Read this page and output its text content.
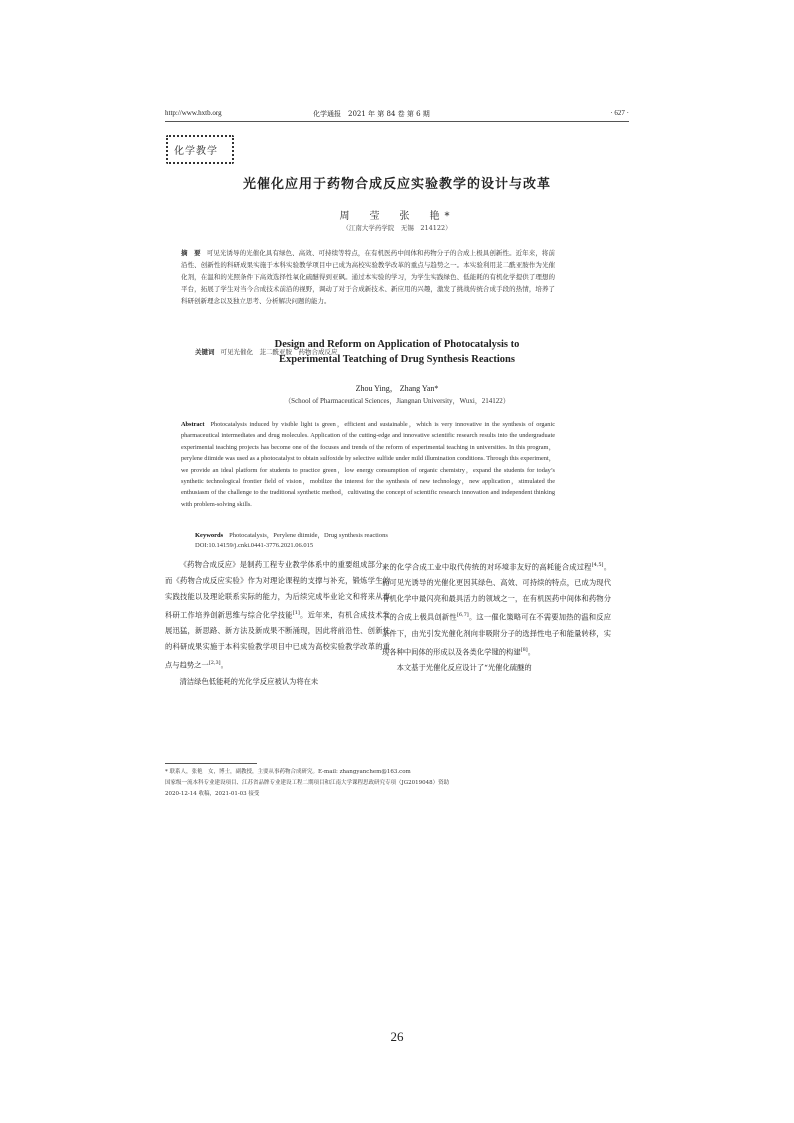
http://www.hxtb.org	化学通报　2021 年 第 84 卷 第 6 期	· 627 ·
化学教学
光催化应用于药物合成反应实验教学的设计与改革
周　莹　张　艳*
（江南大学药学院　无锡　214122）
摘　要 可见光诱导的光催化具有绿色、高效、可持续等特点，在有机医药中间体和药物分子的合成上极具创新性。近年来，将前沿性、创新性的科研成果实施于本科实验教学项目中已成为高校实验教学改革的重点与趋势之一。本实验利用苝二酰亚胺作为光催化剂，在温和的光照条件下高效选择性氧化硫醚得到亚砜。通过本实验的学习，为学生实践绿色、低能耗的有机化学提供了理想的平台，拓展了学生对当今合成技术前沿的视野，调动了对于合成新技术、新应用的兴趣，激发了挑战传统合成手段的热情，培养了科研创新理念以及独立思考、分析解决问题的能力。
关键词 可见光催化　苝二酰亚胺　药物合成反应
Design and Reform on Application of Photocatalysis to
Experimental Teatching of Drug Synthesis Reactions
Zhou Ying， Zhang Yan*
（School of Pharmaceutical Sciences，Jiangnan University，Wuxi，214122）
Abstract Photocatalysis induced by visible light is green，efficient and sustainable，which is very innovative in the synthesis of organic pharmaceutical intermediates and drug molecules. Application of the cutting-edge and innovative scientific research results into the undergraduate experimental teaching projects has become one of the focuses and trends of the reform of experimental teaching in universities. In this program，perylene diimide was used as a photocatalyst to obtain sulfoxide by selective sulfide under mild illumination conditions. Through this experiment，we provide an ideal platform for students to practice green，low energy consumption of organic chemistry，expand the students for today’s synthetic technological frontier field of vision，mobilize the interest for the synthesis of new technology，new application，stimulated the enthusiasm of the challenge to the traditional synthetic method，cultivating the concept of scientific research innovation and independent thinking with problem-solving skills.
Keywords Photocatalysis，Perylene diimide，Drug synthesis reactions
DOI:10.14159/j.cnki.0441-3776.2021.06.015

《药物合成反应》是制药工程专业教学体系中的重要组成部分，而《药物合成反应实验》作为对理论课程的支撑与补充，锻炼学生的实践技能以及理论联系实际的能力，为后续完成毕业论文和将来从事科研工作培养创新思维与综合化学技能[1]。近年来，有机合成技术发展迅猛，新思路、新方法及新成果不断涌现，因此将前沿性、创新性的科研成果实施于本科实验教学项目中已成为高校实验教学改革的重点与趋势之一[2,3]。

清洁绿色低能耗的光化学反应被认为将在未

来的化学合成工业中取代传统的对环境非友好的高耗能合成过程[4,5]。而可见光诱导的光催化更因其绿色、高效、可持续的特点，已成为现代有机化学中最闪亮和最具活力的领域之一，在有机医药中间体和药物分子的合成上极具创新性[6,7]。这一催化策略可在不需要加热的温和反应条件下，由光引发光催化剂向非吸附分子的选择性电子和能量转移，实现各种中间体的形成以及各类化学键的构建[8]。

本文基于光催化反应设计了“光催化硫醚的

* 联系人，张艳　女，博士，副教授，主要从事药物合成研究。E-mail: zhangyanchem@163.com
国家级一流本科专业建设项目、江苏省品牌专业建设工程二期项目和江南大学课程思政研究专项（JG2019048）资助
2020-12-14 收稿，2021-01-03 接受
26
